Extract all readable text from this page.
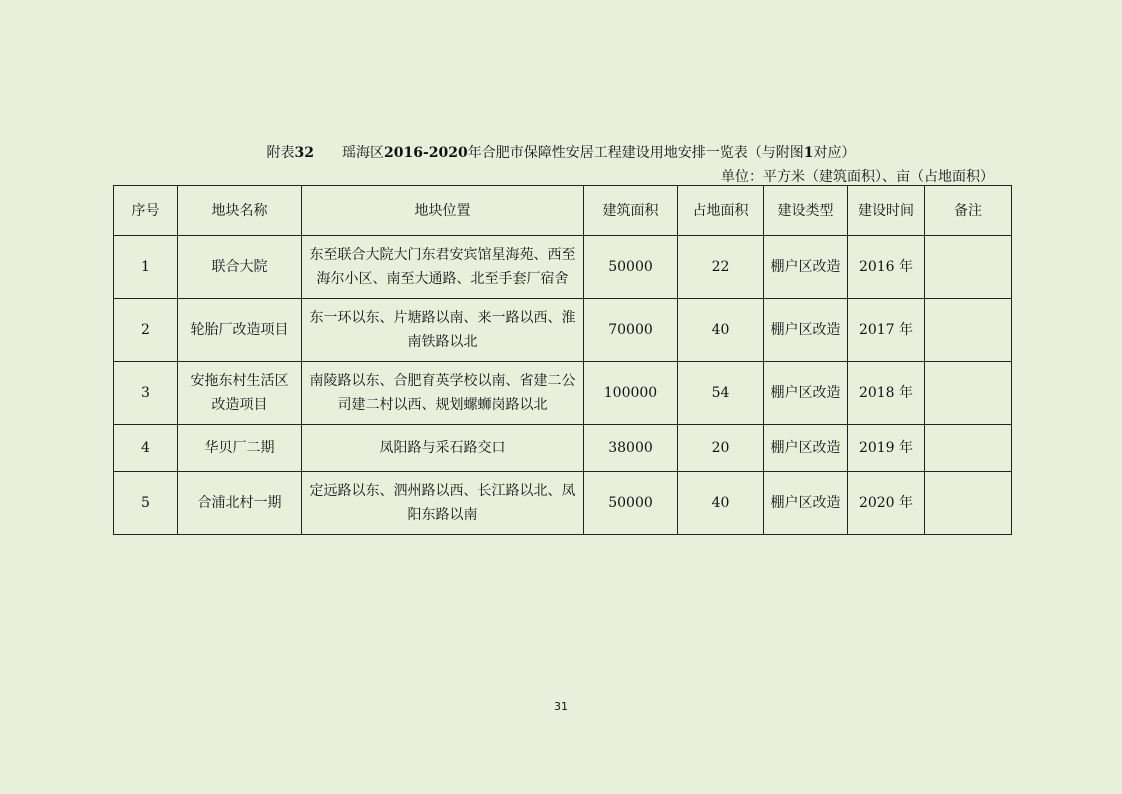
附表32 瑶海区2016-2020年合肥市保障性安居工程建设用地安排一览表（与附图1对应）
单位：平方米（建筑面积）、亩（占地面积）
序号	地块名称	地块位置	建筑面积	占地面积	建设类型	建设时间	备注
1	联合大院	东至联合大院大门东君安宾馆星海苑、西至海尔小区、南至大通路、北至手套厂宿舍	50000	22	棚户区改造	2016 年	
2	轮胎厂改造项目	东一环以东、片塘路以南、来一路以西、淮南铁路以北	70000	40	棚户区改造	2017 年	
3	安拖东村生活区改造项目	南陵路以东、合肥育英学校以南、省建二公司建二村以西、规划螺蛳岗路以北	100000	54	棚户区改造	2018 年	
4	华贝厂二期	凤阳路与采石路交口	38000	20	棚户区改造	2019 年	
5	合浦北村一期	定远路以东、泗州路以西、长江路以北、凤阳东路以南	50000	40	棚户区改造	2020 年	
31
